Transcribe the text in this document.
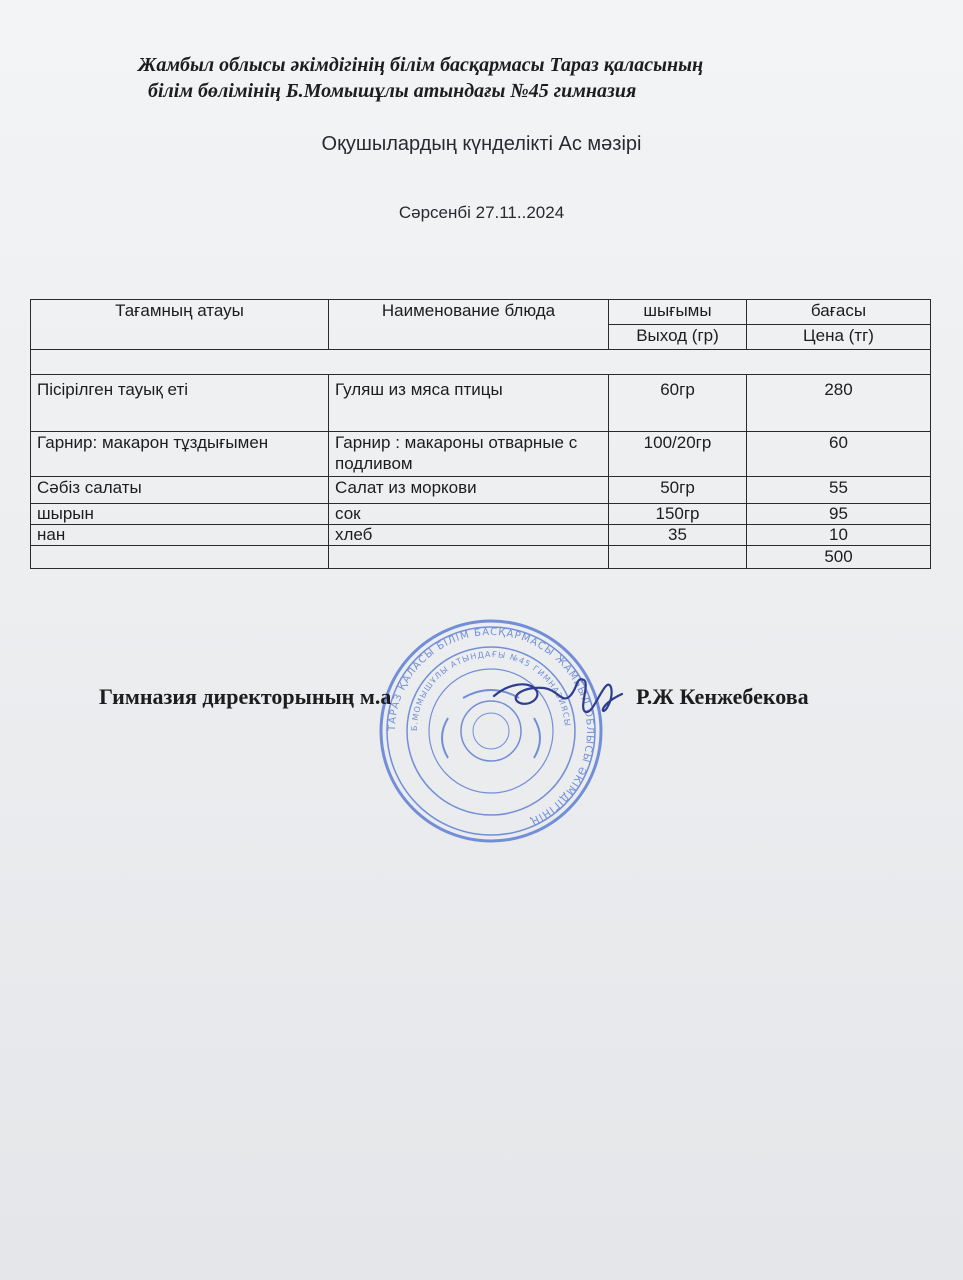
Жамбыл облысы әкімдігінің білім басқармасы Тараз қаласының
білім бөлімінің Б.Момышұлы атындағы №45 гимназия
Оқушылардың күнделікті Ас мәзірі
Сәрсенбі 27.11..2024
Тағамның атауы	Наименование блюда	шығымы	бағасы
		Выход (гр)	Цена (тг)

Пісірілген тауық еті	Гуляш из мяса птицы	60гр	280
Гарнир: макарон тұздығымен	Гарнир : макароны отварные с подливом	100/20гр	60
Сәбіз салаты	Салат из моркови	50гр	55
шырын	сок	150гр	95
нан	хлеб	35	10
			500
ТАРАЗ ҚАЛАСЫ БІЛІМ БАСҚАРМАСЫ ЖАМБЫЛ ОБЛЫСЫ ӘКІМДІГІНІҢ
Б.МОМЫШҰЛЫ АТЫНДАҒЫ №45 ГИМНАЗИЯСЫ
Гимназия директорының м.а	Р.Ж Кенжебекова
